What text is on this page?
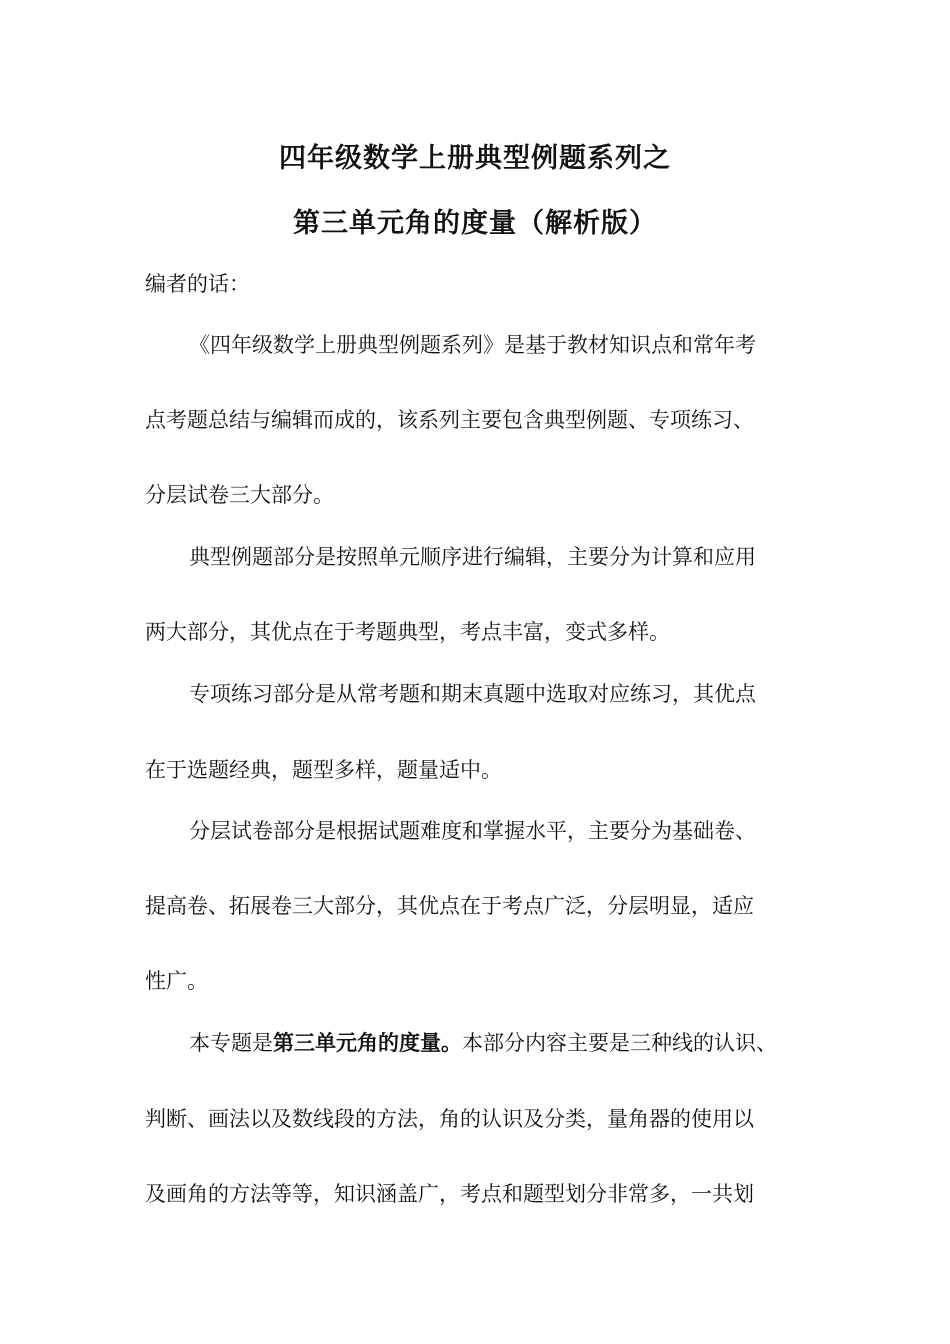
四年级数学上册典型例题系列之
第三单元角的度量（解析版）
编者的话：
《四年级数学上册典型例题系列》是基于教材知识点和常年考
点考题总结与编辑而成的，该系列主要包含典型例题、专项练习、
分层试卷三大部分。
典型例题部分是按照单元顺序进行编辑，主要分为计算和应用
两大部分，其优点在于考题典型，考点丰富，变式多样。
专项练习部分是从常考题和期末真题中选取对应练习，其优点
在于选题经典，题型多样，题量适中。
分层试卷部分是根据试题难度和掌握水平，主要分为基础卷、
提高卷、拓展卷三大部分，其优点在于考点广泛，分层明显，适应
性广。
本专题是第三单元角的度量。本部分内容主要是三种线的认识、
判断、画法以及数线段的方法，角的认识及分类，量角器的使用以
及画角的方法等等，知识涵盖广，考点和题型划分非常多，一共划
